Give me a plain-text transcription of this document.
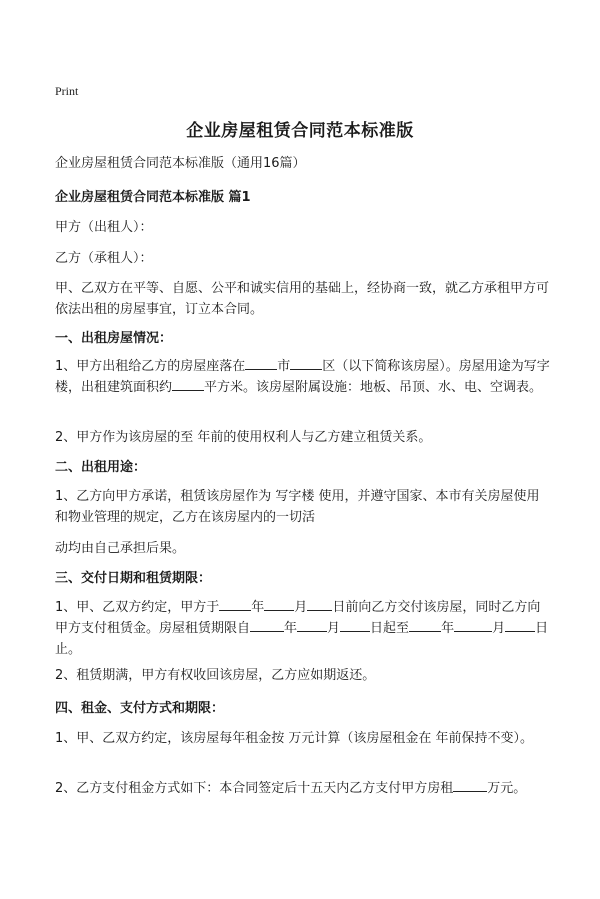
Print
企业房屋租赁合同范本标准版
企业房屋租赁合同范本标准版（通用16篇）
企业房屋租赁合同范本标准版 篇1
甲方（出租人）：
乙方（承租人）：
甲、乙双方在平等、自愿、公平和诚实信用的基础上，经协商一致，就乙方承租甲方可依法出租的房屋事宜，订立本合同。
一、出租房屋情况：
1、甲方出租给乙方的房屋座落在 市 区（以下简称该房屋）。房屋用途为写字楼，出租建筑面积约 平方米。该房屋附属设施：地板、吊顶、水、电、空调表。
2、甲方作为该房屋的至 年前的使用权利人与乙方建立租赁关系。
二、出租用途：
1、乙方向甲方承诺，租赁该房屋作为 写字楼 使用，并遵守国家、本市有关房屋使用和物业管理的规定，乙方在该房屋内的一切活
动均由自己承担后果。
三、交付日期和租赁期限：
1、甲、乙双方约定，甲方于 年 月 日前向乙方交付该房屋，同时乙方向甲方支付租赁金。房屋租赁期限自	年 月 日起至 年	月 日止。
2、租赁期满，甲方有权收回该房屋，乙方应如期返还。
四、租金、支付方式和期限：
1、甲、乙双方约定，该房屋每年租金按 万元计算（该房屋租金在 年前保持不变）。
2、乙方支付租金方式如下：本合同签定后十五天内乙方支付甲方房租	万元。
